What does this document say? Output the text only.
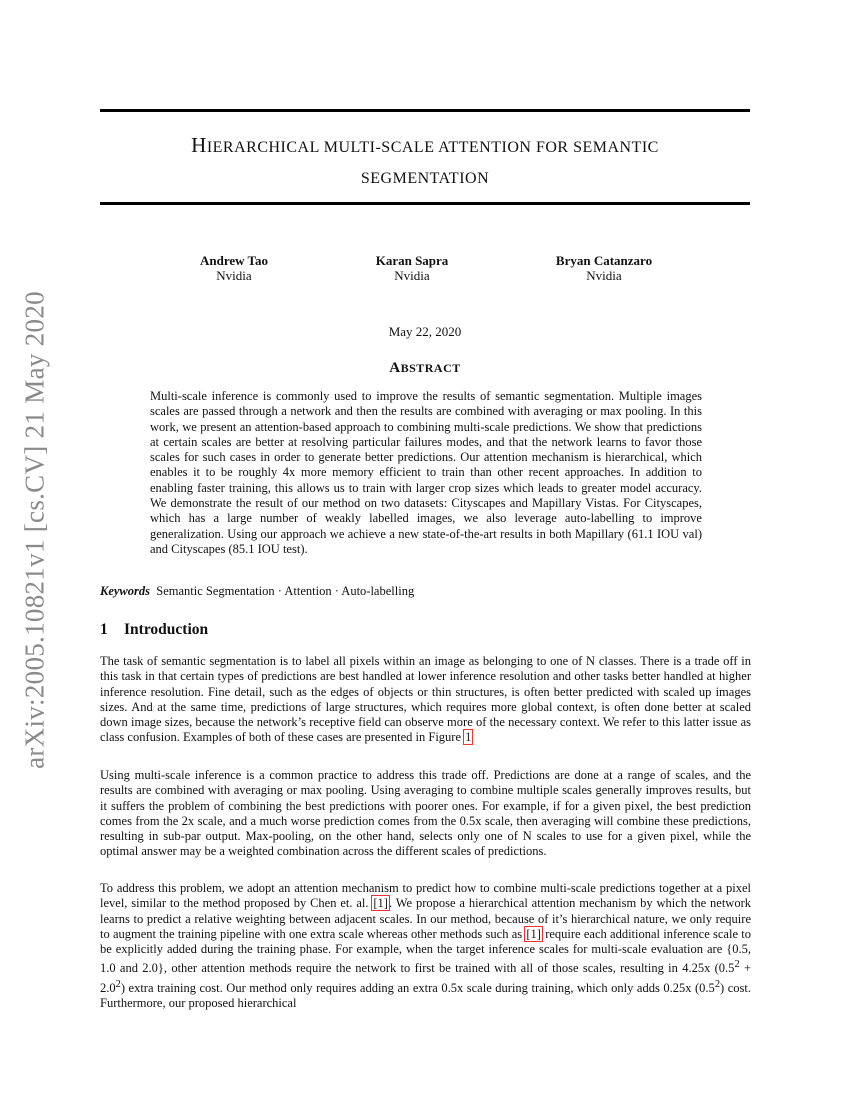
arXiv:2005.10821v1 [cs.CV] 21 May 2020
HIERARCHICAL MULTI-SCALE ATTENTION FOR SEMANTIC
SEGMENTATION
Andrew Tao
Nvidia
Karan Sapra
Nvidia
Bryan Catanzaro
Nvidia
May 22, 2020
ABSTRACT
Multi-scale inference is commonly used to improve the results of semantic segmentation. Multiple images scales are passed through a network and then the results are combined with averaging or max pooling. In this work, we present an attention-based approach to combining multi-scale predictions. We show that predictions at certain scales are better at resolving particular failures modes, and that the network learns to favor those scales for such cases in order to generate better predictions. Our attention mechanism is hierarchical, which enables it to be roughly 4x more memory efficient to train than other recent approaches. In addition to enabling faster training, this allows us to train with larger crop sizes which leads to greater model accuracy. We demonstrate the result of our method on two datasets: Cityscapes and Mapillary Vistas. For Cityscapes, which has a large number of weakly labelled images, we also leverage auto-labelling to improve generalization. Using our approach we achieve a new state-of-the-art results in both Mapillary (61.1 IOU val) and Cityscapes (85.1 IOU test).
Keywords Semantic Segmentation · Attention · Auto-labelling
1 Introduction

The task of semantic segmentation is to label all pixels within an image as belonging to one of N classes. There is a trade off in this task in that certain types of predictions are best handled at lower inference resolution and other tasks better handled at higher inference resolution. Fine detail, such as the edges of objects or thin structures, is often better predicted with scaled up images sizes. And at the same time, predictions of large structures, which requires more global context, is often done better at scaled down image sizes, because the network’s receptive field can observe more of the necessary context. We refer to this latter issue as class confusion. Examples of both of these cases are presented in Figure 1

Using multi-scale inference is a common practice to address this trade off. Predictions are done at a range of scales, and the results are combined with averaging or max pooling. Using averaging to combine multiple scales generally improves results, but it suffers the problem of combining the best predictions with poorer ones. For example, if for a given pixel, the best prediction comes from the 2x scale, and a much worse prediction comes from the 0.5x scale, then averaging will combine these predictions, resulting in sub-par output. Max-pooling, on the other hand, selects only one of N scales to use for a given pixel, while the optimal answer may be a weighted combination across the different scales of predictions.

To address this problem, we adopt an attention mechanism to predict how to combine multi-scale predictions together at a pixel level, similar to the method proposed by Chen et. al. [1]. We propose a hierarchical attention mechanism by which the network learns to predict a relative weighting between adjacent scales. In our method, because of it’s hierarchical nature, we only require to augment the training pipeline with one extra scale whereas other methods such as [1] require each additional inference scale to be explicitly added during the training phase. For example, when the target inference scales for multi-scale evaluation are {0.5, 1.0 and 2.0}, other attention methods require the network to first be trained with all of those scales, resulting in 4.25x $(0.5^2 + 2.0^2)$ extra training cost. Our method only requires adding an extra 0.5x scale during training, which only adds 0.25x $(0.5^2)$ cost. Furthermore, our proposed hierarchical
